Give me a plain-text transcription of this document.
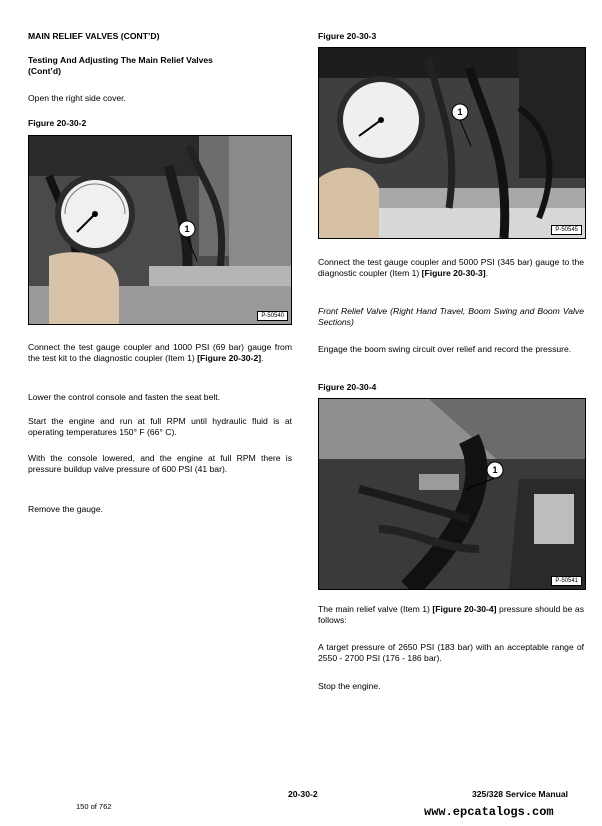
MAIN RELIEF VALVES (CONT’D)

Testing And Adjusting The Main Relief Valves

(Cont’d)

Open the right side cover.

Figure 20-30-2

1
P-50540

Connect the test gauge coupler and 1000 PSI (69 bar) gauge from the test kit to the diagnostic coupler (Item 1) [Figure 20-30-2].

Lower the control console and fasten the seat belt.

Start the engine and run at full RPM until hydraulic fluid is at operating temperatures 150° F (66° C).

With the console lowered, and the engine at full RPM there is pressure buildup valve pressure of 600 PSI (41 bar).

Remove the gauge.

Figure 20-30-3

1
P-50545

Connect the test gauge coupler and 5000 PSI (345 bar) gauge to the diagnostic coupler (Item 1) [Figure 20-30-3].

Front Relief Valve (Right Hand Travel, Boom Swing and Boom Valve Sections)

Engage the boom swing circuit over relief and record the pressure.

Figure 20-30-4

1
P-50541

The main relief valve (Item 1) [Figure 20-30-4] pressure should be as follows:

A target pressure of 2650 PSI (183 bar) with an acceptable range of 2550 - 2700 PSI (176 - 186 bar).

Stop the engine.

20-30-2	325/328 Service Manual
150 of 762	www.epcatalogs.com
